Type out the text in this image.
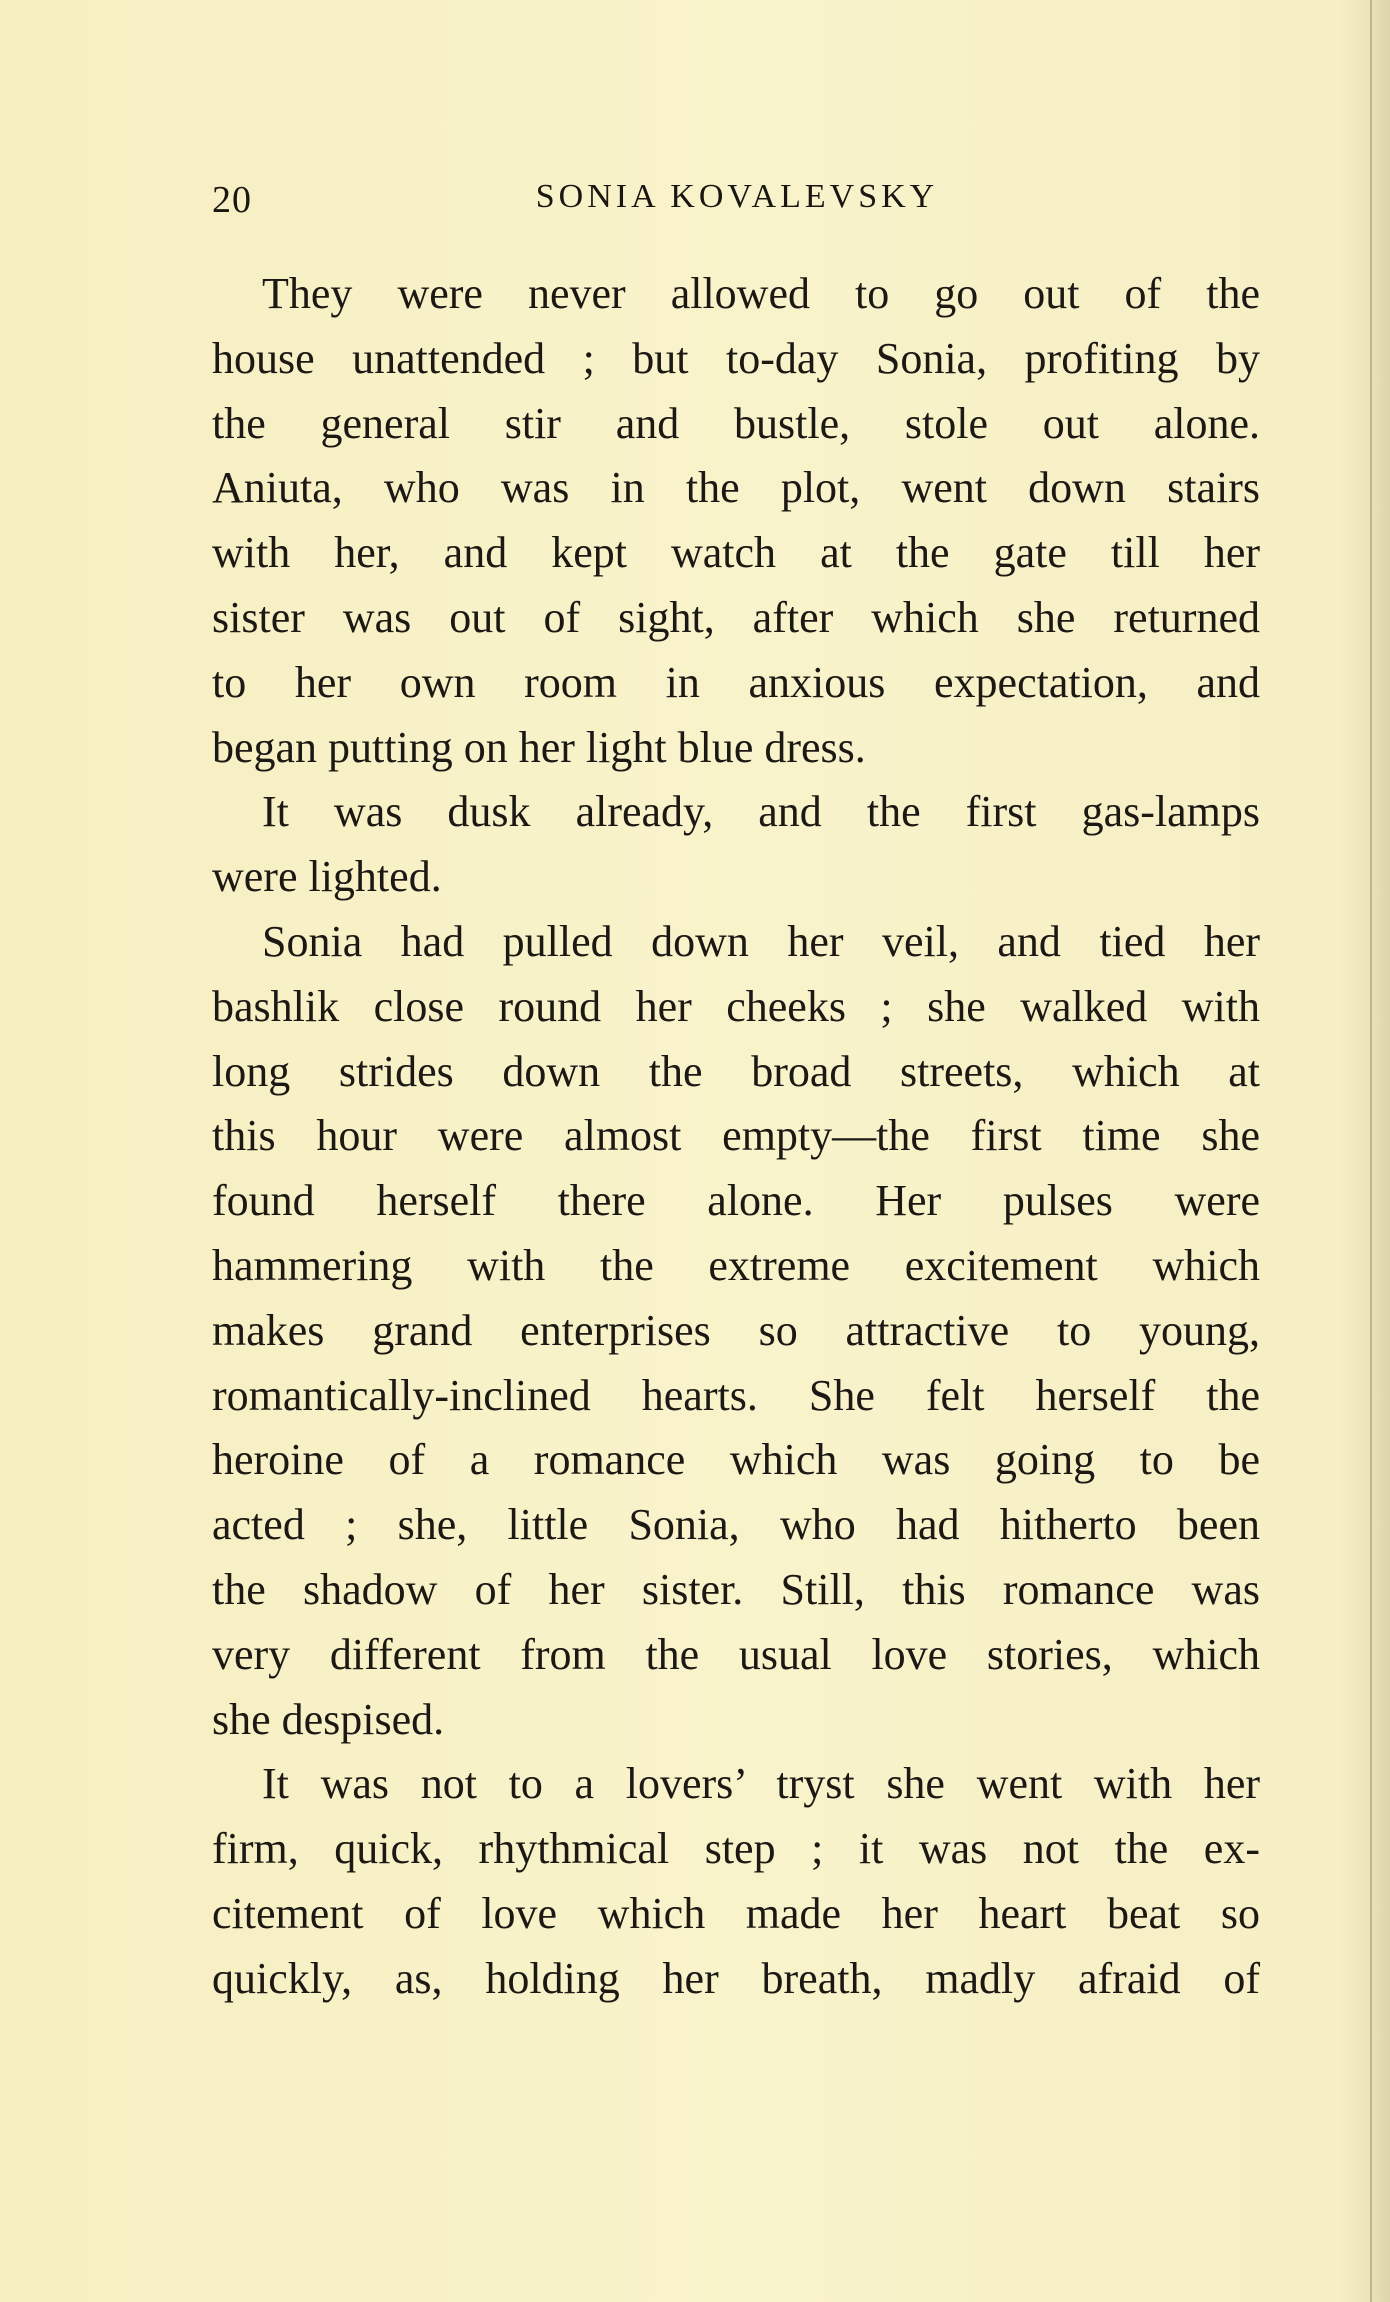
20	SONIA KOVALEVSKY
They were never allowed to go out of the
house unattended ; but to-day Sonia, profiting by
the general stir and bustle, stole out alone.
Aniuta, who was in the plot, went down stairs
with her, and kept watch at the gate till her
sister was out of sight, after which she returned
to her own room in anxious expectation, and
began putting on her light blue dress.
It was dusk already, and the first gas-lamps
were lighted.
Sonia had pulled down her veil, and tied her
bashlik close round her cheeks ; she walked with
long strides down the broad streets, which at
this hour were almost empty—the first time she
found herself there alone. Her pulses were
hammering with the extreme excitement which
makes grand enterprises so attractive to young,
romantically-inclined hearts. She felt herself the
heroine of a romance which was going to be
acted ; she, little Sonia, who had hitherto been
the shadow of her sister. Still, this romance was
very different from the usual love stories, which
she despised.
It was not to a lovers’ tryst she went with her
firm, quick, rhythmical step ; it was not the ex-
citement of love which made her heart beat so
quickly, as, holding her breath, madly afraid of
